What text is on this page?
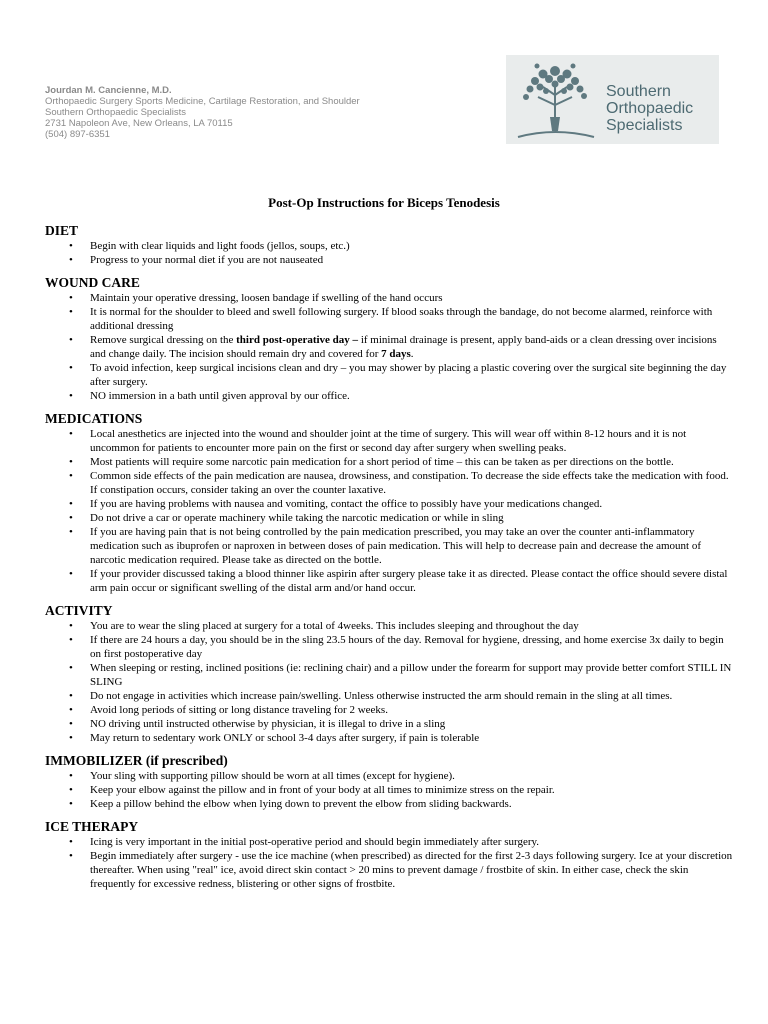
Jourdan M. Cancienne, M.D.
Orthopaedic Surgery Sports Medicine, Cartilage Restoration, and Shoulder
Southern Orthopaedic Specialists
2731 Napoleon Ave, New Orleans, LA 70115
(504) 897-6351
Southern
Orthopaedic
Specialists
Post-Op Instructions for Biceps Tenodesis
DIET
• Begin with clear liquids and light foods (jellos, soups, etc.)
• Progress to your normal diet if you are not nauseated
WOUND CARE
• Maintain your operative dressing, loosen bandage if swelling of the hand occurs
• It is normal for the shoulder to bleed and swell following surgery. If blood soaks through the bandage, do not become alarmed, reinforce with additional dressing
• Remove surgical dressing on the third post-operative day – if minimal drainage is present, apply band-aids or a clean dressing over incisions and change daily. The incision should remain dry and covered for 7 days.
• To avoid infection, keep surgical incisions clean and dry – you may shower by placing a plastic covering over the surgical site beginning the day after surgery.
• NO immersion in a bath until given approval by our office.
MEDICATIONS
• Local anesthetics are injected into the wound and shoulder joint at the time of surgery. This will wear off within 8-12 hours and it is not uncommon for patients to encounter more pain on the first or second day after surgery when swelling peaks.
• Most patients will require some narcotic pain medication for a short period of time – this can be taken as per directions on the bottle.
• Common side effects of the pain medication are nausea, drowsiness, and constipation. To decrease the side effects take the medication with food. If constipation occurs, consider taking an over the counter laxative.
• If you are having problems with nausea and vomiting, contact the office to possibly have your medications changed.
• Do not drive a car or operate machinery while taking the narcotic medication or while in sling
• If you are having pain that is not being controlled by the pain medication prescribed, you may take an over the counter anti-inflammatory medication such as ibuprofen or naproxen in between doses of pain medication. This will help to decrease pain and decrease the amount of narcotic medication required. Please take as directed on the bottle.
• If your provider discussed taking a blood thinner like aspirin after surgery please take it as directed. Please contact the office should severe distal arm pain occur or significant swelling of the distal arm and/or hand occur.
ACTIVITY
• You are to wear the sling placed at surgery for a total of 4weeks. This includes sleeping and throughout the day
• If there are 24 hours a day, you should be in the sling 23.5 hours of the day. Removal for hygiene, dressing, and home exercise 3x daily to begin on first postoperative day
• When sleeping or resting, inclined positions (ie: reclining chair) and a pillow under the forearm for support may provide better comfort STILL IN SLING
• Do not engage in activities which increase pain/swelling. Unless otherwise instructed the arm should remain in the sling at all times.
• Avoid long periods of sitting or long distance traveling for 2 weeks.
• NO driving until instructed otherwise by physician, it is illegal to drive in a sling
• May return to sedentary work ONLY or school 3-4 days after surgery, if pain is tolerable
IMMOBILIZER (if prescribed)
• Your sling with supporting pillow should be worn at all times (except for hygiene).
• Keep your elbow against the pillow and in front of your body at all times to minimize stress on the repair.
• Keep a pillow behind the elbow when lying down to prevent the elbow from sliding backwards.
ICE THERAPY
• Icing is very important in the initial post-operative period and should begin immediately after surgery.
• Begin immediately after surgery - use the ice machine (when prescribed) as directed for the first 2-3 days following surgery. Ice at your discretion thereafter. When using "real" ice, avoid direct skin contact > 20 mins to prevent damage / frostbite of skin. In either case, check the skin frequently for excessive redness, blistering or other signs of frostbite.
